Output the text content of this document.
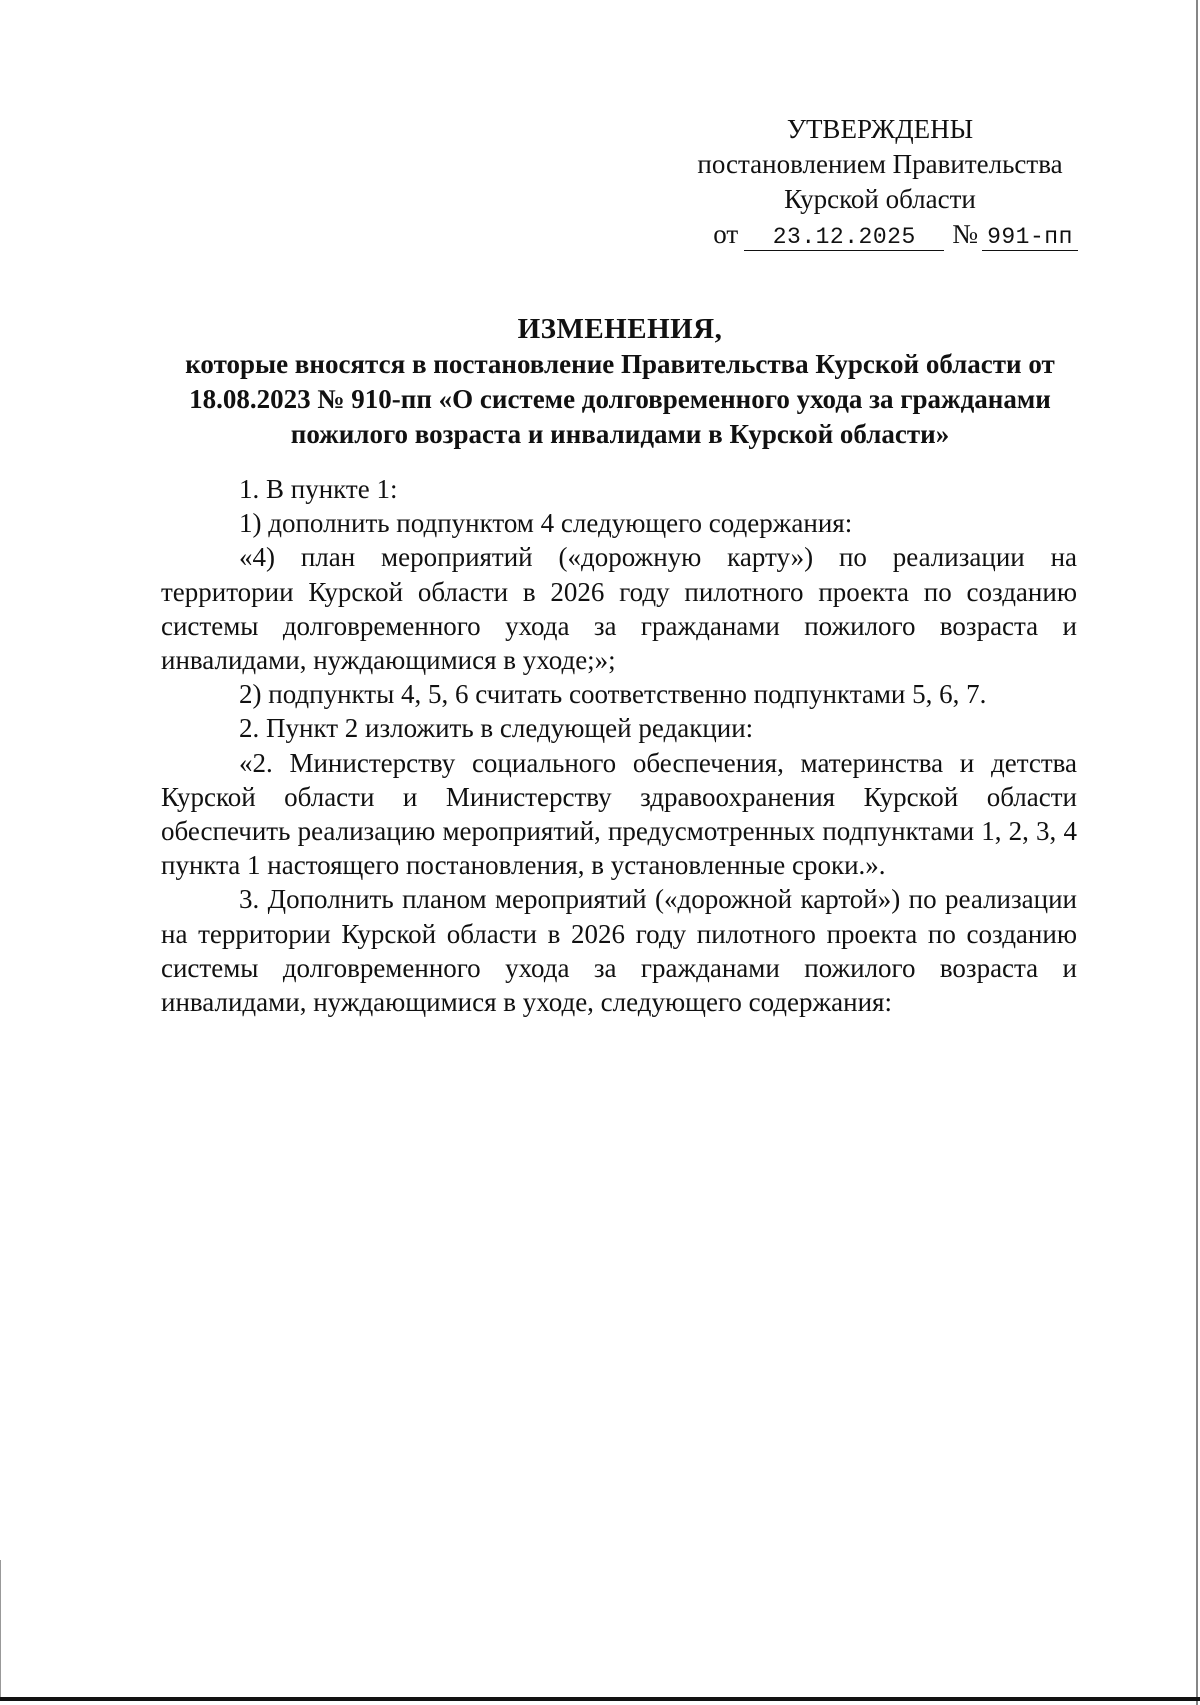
УТВЕРЖДЕНЫ
постановлением Правительства
Курской области
от 23.12.2025 № 991-пп
ИЗМЕНЕНИЯ,
которые вносятся в постановление Правительства Курской области от
18.08.2023 № 910-пп «О системе долговременного ухода за гражданами
пожилого возраста и инвалидами в Курской области»

1. В пункте 1:

1) дополнить подпунктом 4 следующего содержания:

«4) план мероприятий («дорожную карту») по реализации на территории Курской области в 2026 году пилотного проекта по созданию системы долговременного ухода за гражданами пожилого возраста и инвалидами, нуждающимися в уходе;»;

2) подпункты 4, 5, 6 считать соответственно подпунктами 5, 6, 7.

2. Пункт 2 изложить в следующей редакции:

«2. Министерству социального обеспечения, материнства и детства Курской области и Министерству здравоохранения Курской области обеспечить реализацию мероприятий, предусмотренных подпунктами 1, 2, 3, 4 пункта 1 настоящего постановления, в установленные сроки.».

3. Дополнить планом мероприятий («дорожной картой») по реализации на территории Курской области в 2026 году пилотного проекта по созданию системы долговременного ухода за гражданами пожилого возраста и инвалидами, нуждающимися в уходе, следующего содержания:
